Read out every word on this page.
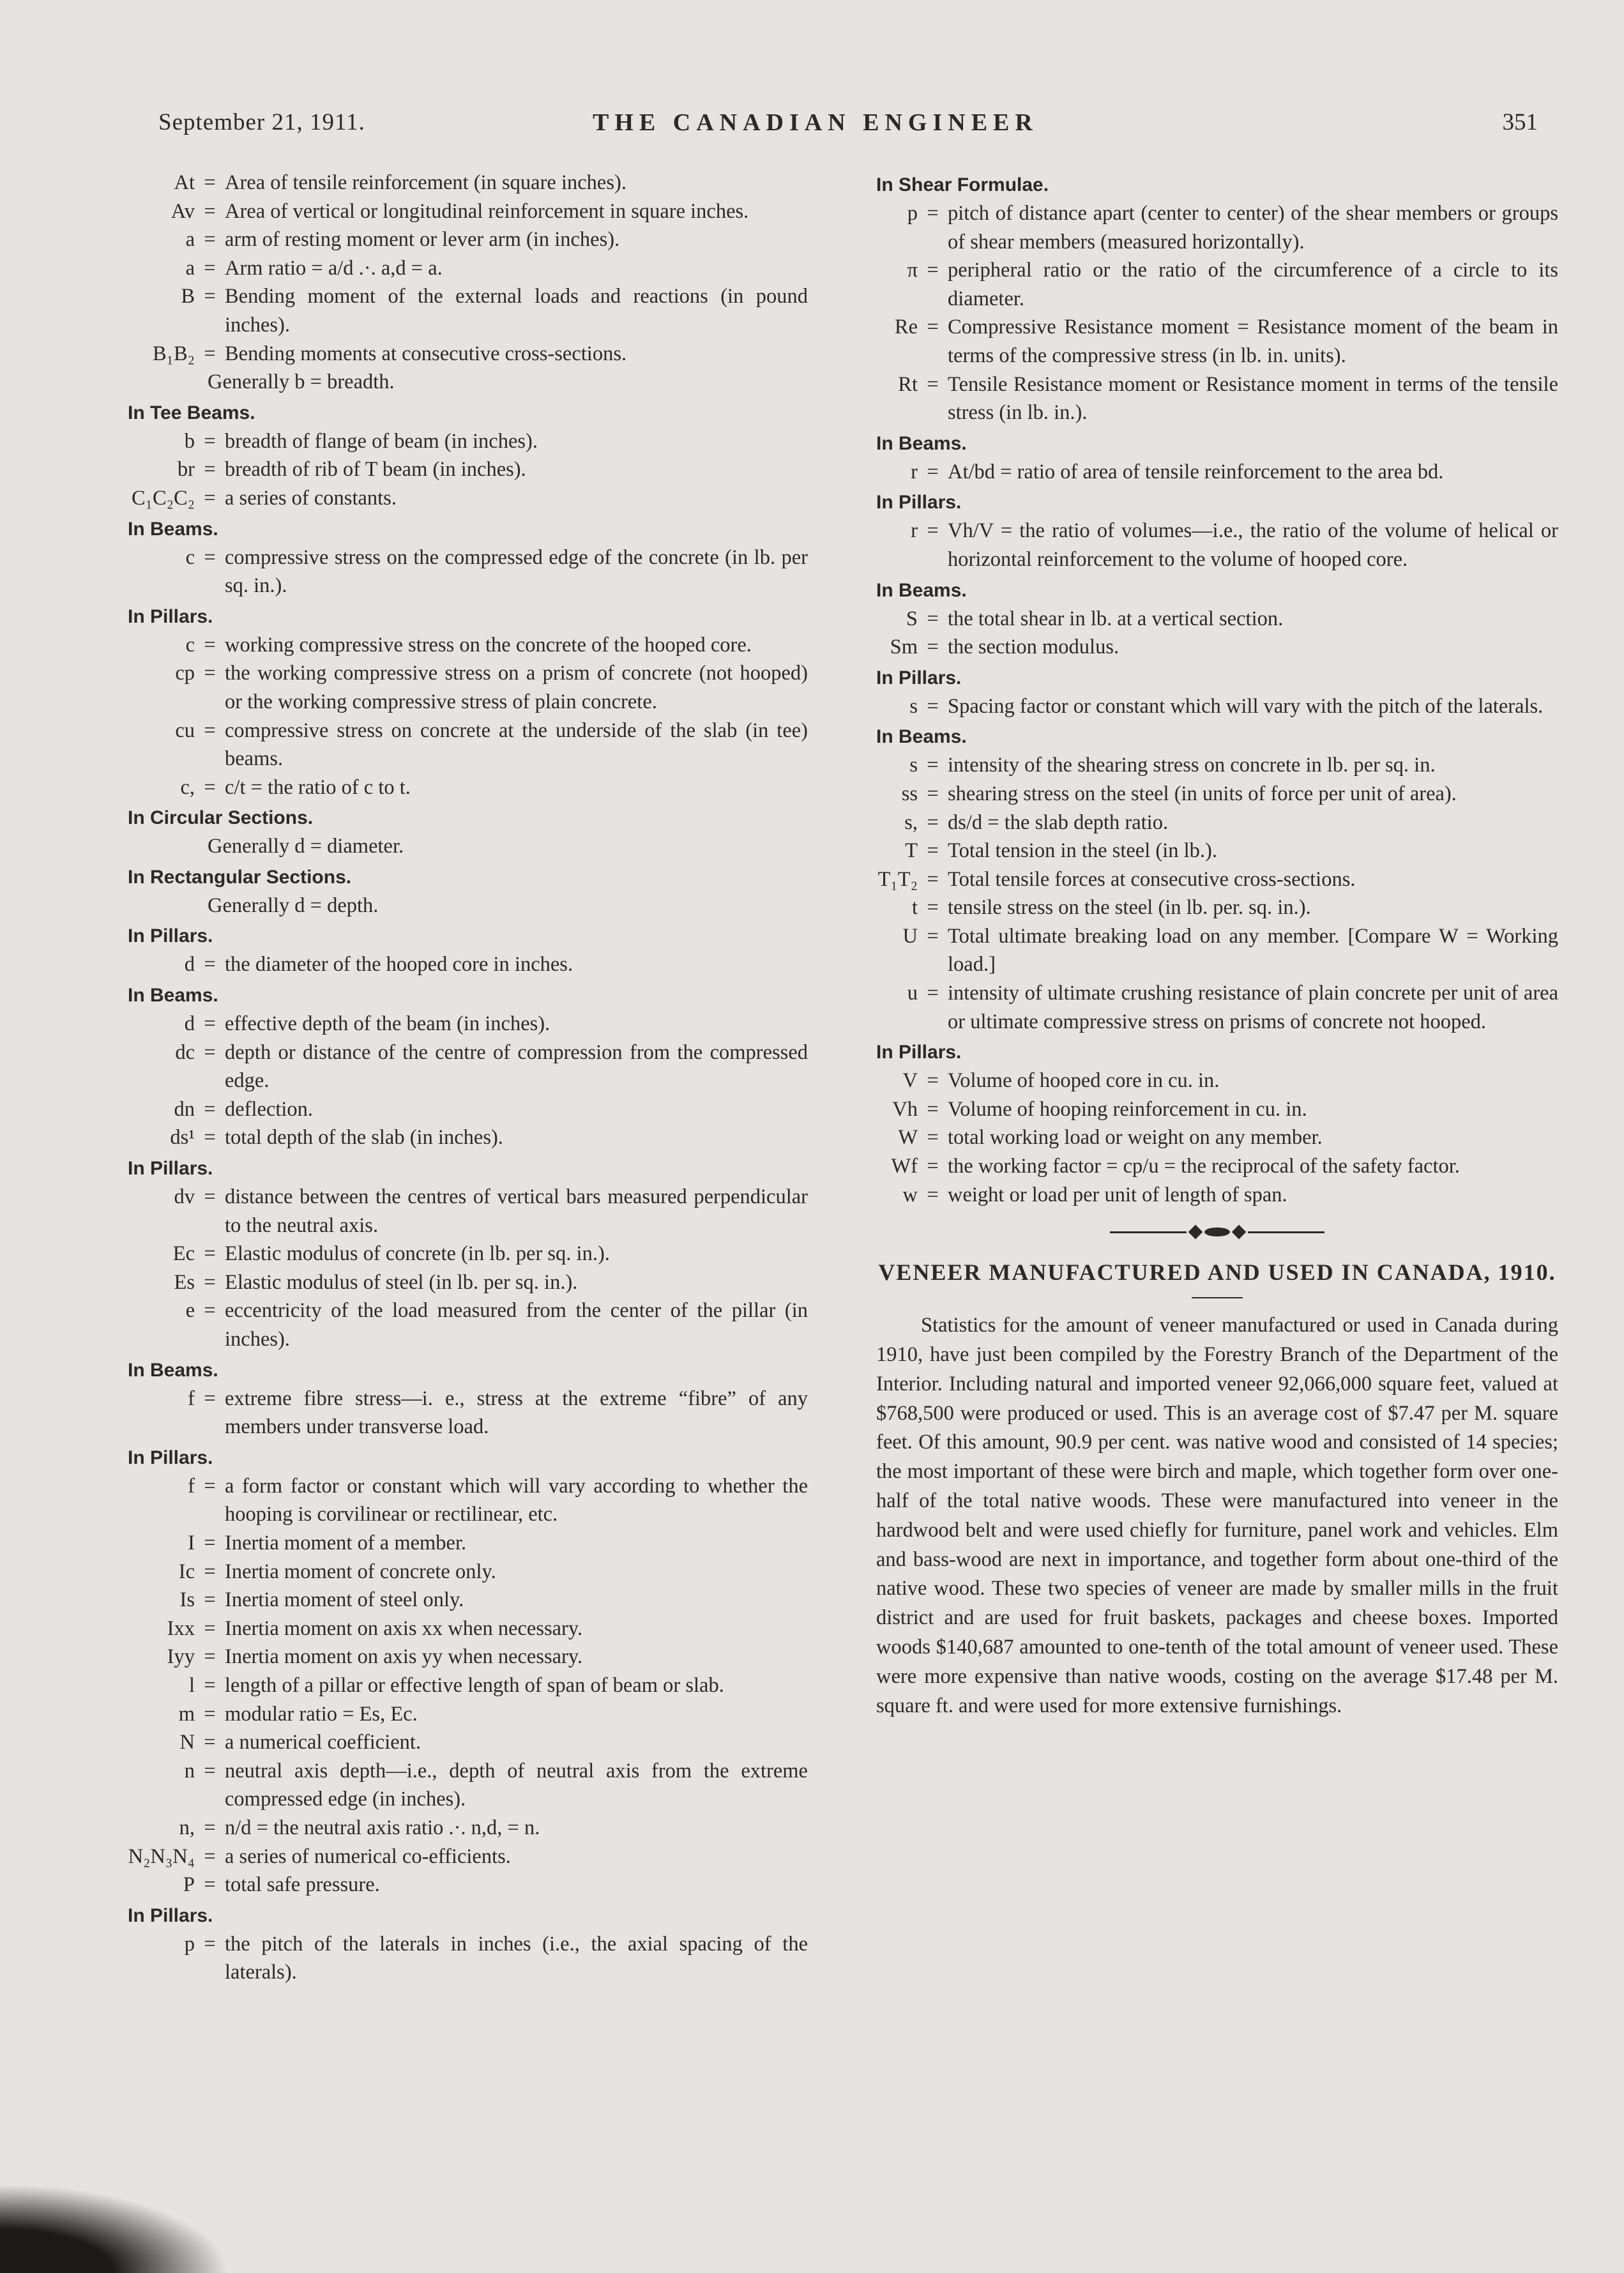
September 21, 1911.	THE CANADIAN ENGINEER	351
At = Area of tensile reinforcement (in square inches).
Av = Area of vertical or longitudinal reinforcement in square inches.
a = arm of resting moment or lever arm (in inches).
a = Arm ratio = a/d .·. a,d = a.
B = Bending moment of the external loads and reactions (in pound inches).
B₁B₂ = Bending moments at consecutive cross-sections.
Generally b = breadth.
In Tee Beams.
b = breadth of flange of beam (in inches).
br = breadth of rib of T beam (in inches).
C₁C₂C₂ = a series of constants.
In Beams.
c = compressive stress on the compressed edge of the concrete (in lb. per sq. in.).
In Pillars.
c = working compressive stress on the concrete of the hooped core.
cp = the working compressive stress on a prism of concrete (not hooped) or the working compressive stress of plain concrete.
cu = compressive stress on concrete at the underside of the slab (in tee) beams.
c, = c/t = the ratio of c to t.
In Circular Sections.
Generally d = diameter.
In Rectangular Sections.
Generally d = depth.
In Pillars.
d = the diameter of the hooped core in inches.
In Beams.
d = effective depth of the beam (in inches).
dc = depth or distance of the centre of compression from the compressed edge.
dn = deflection.
ds¹ = total depth of the slab (in inches).
In Pillars.
dv = distance between the centres of vertical bars measured perpendicular to the neutral axis.
Ec = Elastic modulus of concrete (in lb. per sq. in.).
Es = Elastic modulus of steel (in lb. per sq. in.).
e = eccentricity of the load measured from the center of the pillar (in inches).
In Beams.
f = extreme fibre stress—i. e., stress at the extreme “fibre” of any members under transverse load.
In Pillars.
f = a form factor or constant which will vary according to whether the hooping is corvilinear or rectilinear, etc.
I = Inertia moment of a member.
Ic = Inertia moment of concrete only.
Is = Inertia moment of steel only.
Ixx = Inertia moment on axis xx when necessary.
Iyy = Inertia moment on axis yy when necessary.
l = length of a pillar or effective length of span of beam or slab.
m = modular ratio = Es, Ec.
N = a numerical coefficient.
n = neutral axis depth—i.e., depth of neutral axis from the extreme compressed edge (in inches).
n, = n/d = the neutral axis ratio .·. n,d, = n.
N₂N₃N₄ = a series of numerical co-efficients.
P = total safe pressure.
In Pillars.
p = the pitch of the laterals in inches (i.e., the axial spacing of the laterals).
In Shear Formulae.
p = pitch of distance apart (center to center) of the shear members or groups of shear members (measured horizontally).
π = peripheral ratio or the ratio of the circumference of a circle to its diameter.
Re = Compressive Resistance moment = Resistance moment of the beam in terms of the compressive stress (in lb. in. units).
Rt = Tensile Resistance moment or Resistance moment in terms of the tensile stress (in lb. in.).
In Beams.
r = At/bd = ratio of area of tensile reinforcement to the area bd.
In Pillars.
r = Vh/V = the ratio of volumes—i.e., the ratio of the volume of helical or horizontal reinforcement to the volume of hooped core.
In Beams.
S = the total shear in lb. at a vertical section.
Sm = the section modulus.
In Pillars.
s = Spacing factor or constant which will vary with the pitch of the laterals.
In Beams.
s = intensity of the shearing stress on concrete in lb. per sq. in.
ss = shearing stress on the steel (in units of force per unit of area).
s, = ds/d = the slab depth ratio.
T = Total tension in the steel (in lb.).
T₁T₂ = Total tensile forces at consecutive cross-sections.
t = tensile stress on the steel (in lb. per. sq. in.).
U = Total ultimate breaking load on any member. [Compare W = Working load.]
u = intensity of ultimate crushing resistance of plain concrete per unit of area or ultimate compressive stress on prisms of concrete not hooped.
In Pillars.
V = Volume of hooped core in cu. in.
Vh = Volume of hooping reinforcement in cu. in.
W = total working load or weight on any member.
Wf = the working factor = cp/u = the reciprocal of the safety factor.
w = weight or load per unit of length of span.
VENEER MANUFACTURED AND USED IN CANADA, 1910.
Statistics for the amount of veneer manufactured or used in Canada during 1910, have just been compiled by the Forestry Branch of the Department of the Interior. Including natural and imported veneer 92,066,000 square feet, valued at $768,500 were produced or used. This is an average cost of $7.47 per M. square feet. Of this amount, 90.9 per cent. was native wood and consisted of 14 species; the most important of these were birch and maple, which together form over one-half of the total native woods. These were manufactured into veneer in the hardwood belt and were used chiefly for furniture, panel work and vehicles. Elm and bass-wood are next in importance, and together form about one-third of the native wood. These two species of veneer are made by smaller mills in the fruit district and are used for fruit baskets, packages and cheese boxes. Imported woods $140,687 amounted to one-tenth of the total amount of veneer used. These were more expensive than native woods, costing on the average $17.48 per M. square ft. and were used for more extensive furnishings.
